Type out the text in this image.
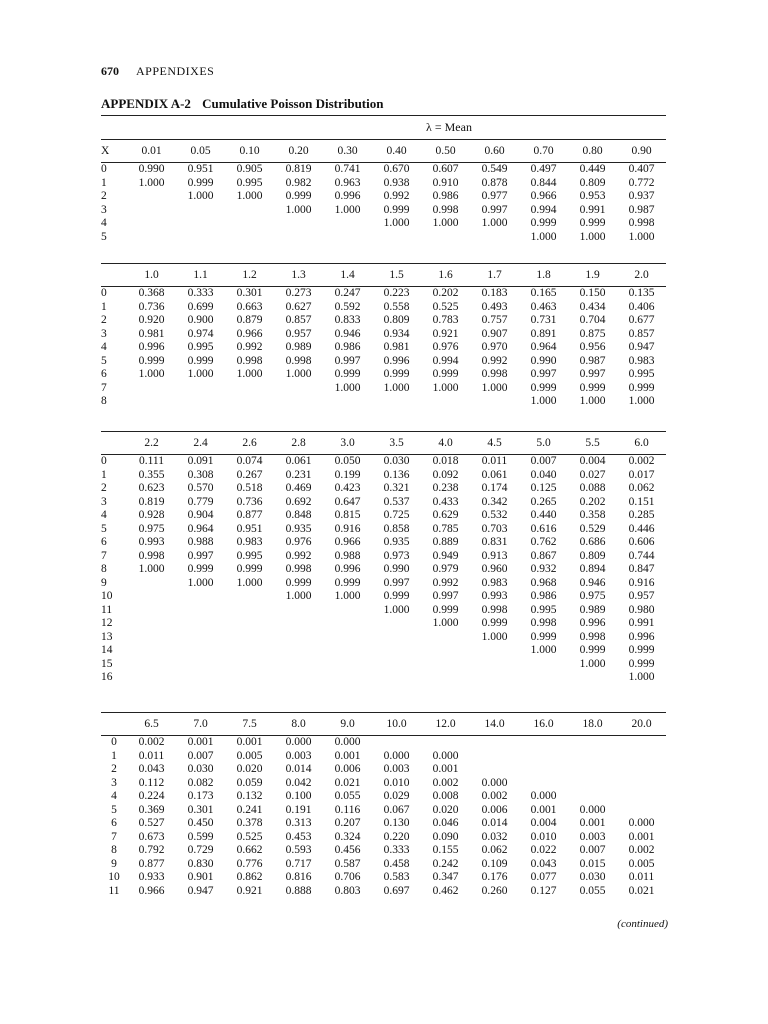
670 APPENDIXES
APPENDIX A-2 Cumulative Poisson Distribution
λ = Mean
X	0.01	0.05	0.10	0.20	0.30	0.40	0.50	0.60	0.70	0.80	0.90
0	0.990	0.951	0.905	0.819	0.741	0.670	0.607	0.549	0.497	0.449	0.407
1	1.000	0.999	0.995	0.982	0.963	0.938	0.910	0.878	0.844	0.809	0.772
2		1.000	1.000	0.999	0.996	0.992	0.986	0.977	0.966	0.953	0.937
3				1.000	1.000	0.999	0.998	0.997	0.994	0.991	0.987
4						1.000	1.000	1.000	0.999	0.999	0.998
5									1.000	1.000	1.000
	1.0	1.1	1.2	1.3	1.4	1.5	1.6	1.7	1.8	1.9	2.0
0	0.368	0.333	0.301	0.273	0.247	0.223	0.202	0.183	0.165	0.150	0.135
1	0.736	0.699	0.663	0.627	0.592	0.558	0.525	0.493	0.463	0.434	0.406
2	0.920	0.900	0.879	0.857	0.833	0.809	0.783	0.757	0.731	0.704	0.677
3	0.981	0.974	0.966	0.957	0.946	0.934	0.921	0.907	0.891	0.875	0.857
4	0.996	0.995	0.992	0.989	0.986	0.981	0.976	0.970	0.964	0.956	0.947
5	0.999	0.999	0.998	0.998	0.997	0.996	0.994	0.992	0.990	0.987	0.983
6	1.000	1.000	1.000	1.000	0.999	0.999	0.999	0.998	0.997	0.997	0.995
7					1.000	1.000	1.000	1.000	0.999	0.999	0.999
8									1.000	1.000	1.000
	2.2	2.4	2.6	2.8	3.0	3.5	4.0	4.5	5.0	5.5	6.0
0	0.111	0.091	0.074	0.061	0.050	0.030	0.018	0.011	0.007	0.004	0.002
1	0.355	0.308	0.267	0.231	0.199	0.136	0.092	0.061	0.040	0.027	0.017
2	0.623	0.570	0.518	0.469	0.423	0.321	0.238	0.174	0.125	0.088	0.062
3	0.819	0.779	0.736	0.692	0.647	0.537	0.433	0.342	0.265	0.202	0.151
4	0.928	0.904	0.877	0.848	0.815	0.725	0.629	0.532	0.440	0.358	0.285
5	0.975	0.964	0.951	0.935	0.916	0.858	0.785	0.703	0.616	0.529	0.446
6	0.993	0.988	0.983	0.976	0.966	0.935	0.889	0.831	0.762	0.686	0.606
7	0.998	0.997	0.995	0.992	0.988	0.973	0.949	0.913	0.867	0.809	0.744
8	1.000	0.999	0.999	0.998	0.996	0.990	0.979	0.960	0.932	0.894	0.847
9		1.000	1.000	0.999	0.999	0.997	0.992	0.983	0.968	0.946	0.916
10				1.000	1.000	0.999	0.997	0.993	0.986	0.975	0.957
11						1.000	0.999	0.998	0.995	0.989	0.980
12							1.000	0.999	0.998	0.996	0.991
13								1.000	0.999	0.998	0.996
14									1.000	0.999	0.999
15										1.000	0.999
16											1.000
	6.5	7.0	7.5	8.0	9.0	10.0	12.0	14.0	16.0	18.0	20.0
0	0.002	0.001	0.001	0.000	0.000						
1	0.011	0.007	0.005	0.003	0.001	0.000	0.000				
2	0.043	0.030	0.020	0.014	0.006	0.003	0.001				
3	0.112	0.082	0.059	0.042	0.021	0.010	0.002	0.000			
4	0.224	0.173	0.132	0.100	0.055	0.029	0.008	0.002	0.000		
5	0.369	0.301	0.241	0.191	0.116	0.067	0.020	0.006	0.001	0.000	
6	0.527	0.450	0.378	0.313	0.207	0.130	0.046	0.014	0.004	0.001	0.000
7	0.673	0.599	0.525	0.453	0.324	0.220	0.090	0.032	0.010	0.003	0.001
8	0.792	0.729	0.662	0.593	0.456	0.333	0.155	0.062	0.022	0.007	0.002
9	0.877	0.830	0.776	0.717	0.587	0.458	0.242	0.109	0.043	0.015	0.005
10	0.933	0.901	0.862	0.816	0.706	0.583	0.347	0.176	0.077	0.030	0.011
11	0.966	0.947	0.921	0.888	0.803	0.697	0.462	0.260	0.127	0.055	0.021
(continued)
